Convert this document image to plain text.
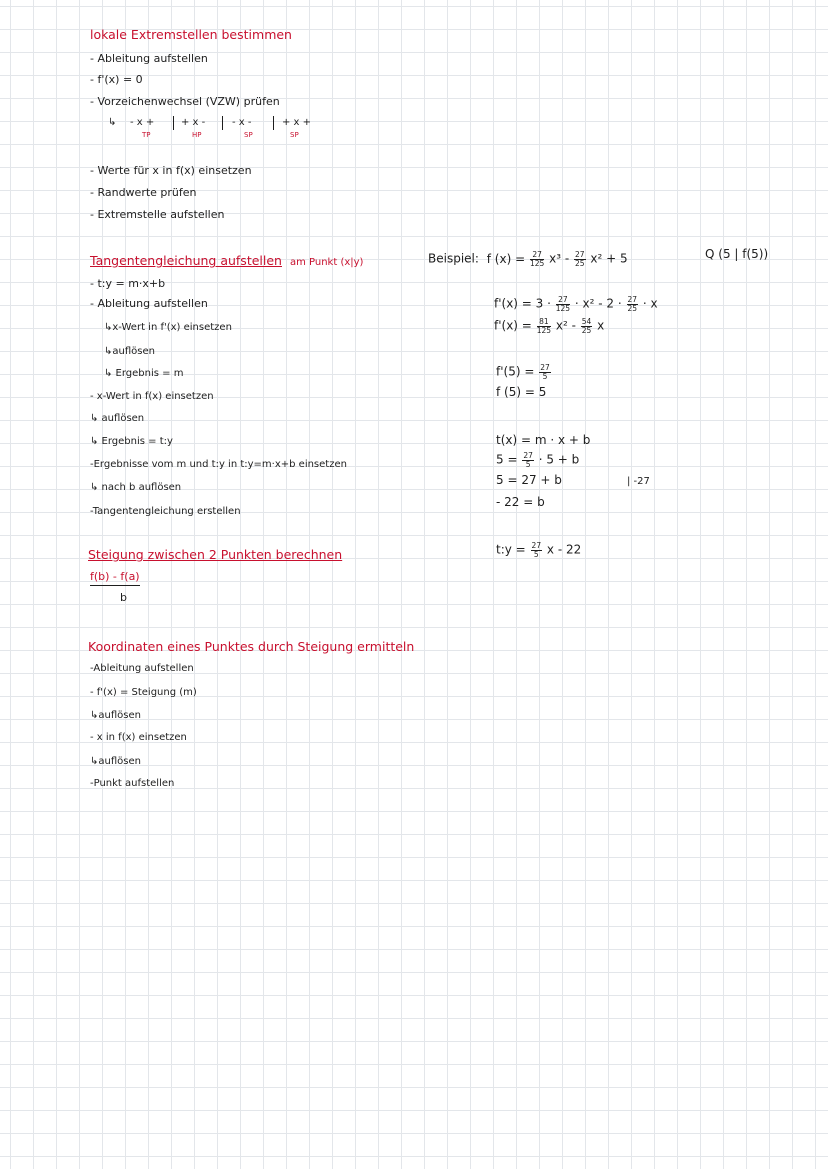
lokale Extremstellen bestimmen
- Ableitung aufstellen
- f'(x) = 0
- Vorzeichenwechsel (VZW) prüfen
↳ - x +	+ x -	- x -	+ x +
TP	HP	SP	SP
- Werte für x in f(x) einsetzen
- Randwerte prüfen
- Extremstelle aufstellen
Tangentengleichung aufstellen am Punkt (x|y)
- t:y = m·x+b
- Ableitung aufstellen
↳x-Wert in f'(x) einsetzen
↳auflösen
↳ Ergebnis = m
- x-Wert in f(x) einsetzen
↳ auflösen
↳ Ergebnis = t:y
-Ergebnisse vom m und t:y in t:y=m·x+b einsetzen
↳ nach b auflösen
-Tangentengleichung erstellen
Beispiel: f $(x) = \frac{27}{125} x^3 - \frac{27}{25} x^2 + 5$	Q (5 | f(5))
$f'(x) = 3 \cdot \frac{27}{125} \cdot x^2 - 2 \cdot \frac{27}{25} \cdot x$
$f'(x) = \frac{81}{125} x^2 - \frac{54}{25}$ x
$f'(5) = \frac{27}{5}$
f (5) = 5
t(x) = m · x + b
$5 = \frac{27}{5} \cdot 5 + b$
5 = 27 + b	| -27
- 22 = b
t:y = $\frac{27}{5}$ x - 22
Steigung zwischen 2 Punkten berechnen
f(b) - f(a)
b
Koordinaten eines Punktes durch Steigung ermitteln
-Ableitung aufstellen
- f'(x) = Steigung (m)
↳auflösen
- x in f(x) einsetzen
↳auflösen
-Punkt aufstellen
